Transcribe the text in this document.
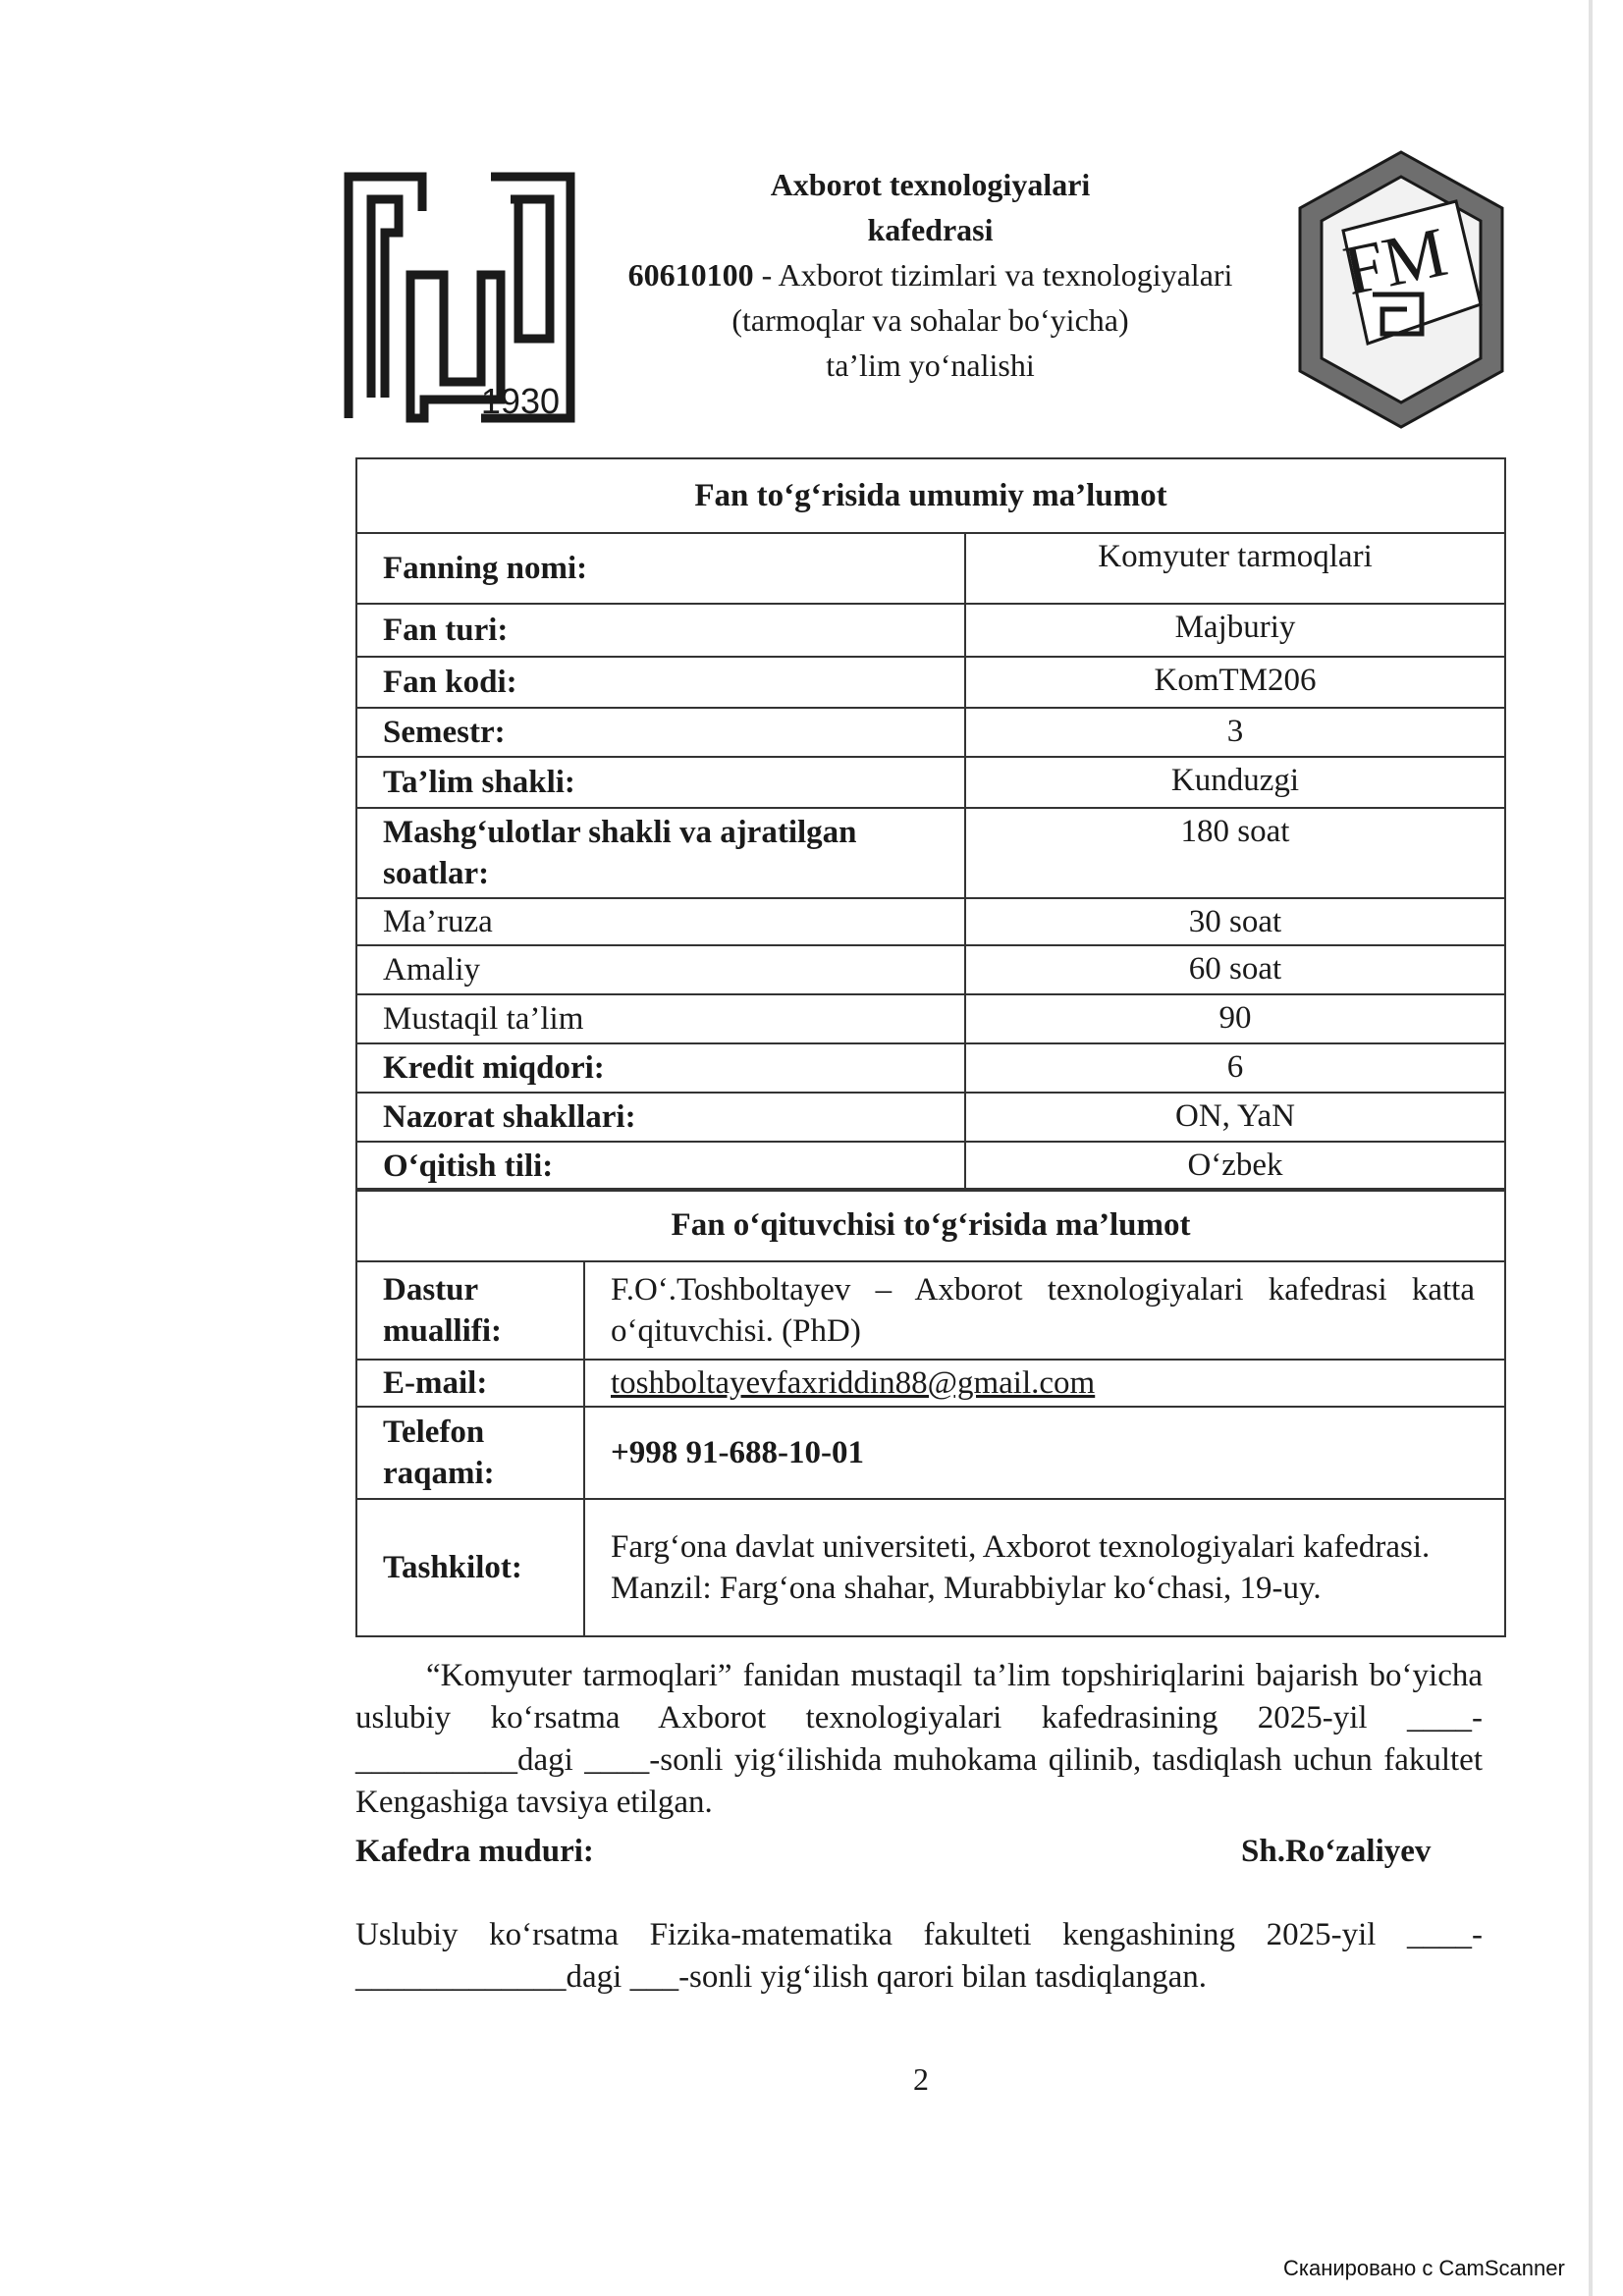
1930
Axborot texnologiyalari
kafedrasi
60610100 - Axborot tizimlari va texnologiyalari
(tarmoqlar va sohalar bo‘yicha)
ta’lim yo‘nalishi
FM
Fan to‘g‘risida umumiy ma’lumot	
Fanning nomi:	Komyuter tarmoqlari
Fan turi:	Majburiy
Fan kodi:	KomTM206
Semestr:	3
Ta’lim shakli:	Kunduzgi
Mashg‘ulotlar shakli va ajratilgan soatlar:	180 soat
Ma’ruza	30 soat
Amaliy	60 soat
Mustaqil ta’lim	90
Kredit miqdori:	6
Nazorat shakllari:	ON, YaN
O‘qitish tili:	O‘zbek
Fan o‘qituvchisi to‘g‘risida ma’lumot	
Dastur muallifi:	F.O‘.Toshboltayev – Axborot texnologiyalari kafedrasi katta o‘qituvchisi. (PhD)
E-mail:	toshboltayevfaxriddin88@gmail.com
Telefon raqami:	+998 91-688-10-01
Tashkilot:	Farg‘ona davlat universiteti, Axborot texnologiyalari kafedrasi.
Manzil: Farg‘ona shahar, Murabbiylar ko‘chasi, 19-uy.
“Komyuter tarmoqlari” fanidan mustaqil ta’lim topshiriqlarini bajarish bo‘yicha uslubiy ko‘rsatma Axborot texnologiyalari kafedrasining 2025-yil ____-__________dagi ____-sonli yig‘ilishida muhokama qilinib, tasdiqlash uchun fakultet Kengashiga tavsiya etilgan.
Kafedra muduri:	Sh.Ro‘zaliyev
Uslubiy ko‘rsatma Fizika-matematika fakulteti kengashining 2025-yil ____-_____________dagi ___-sonli yig‘ilish qarori bilan tasdiqlangan.
2
Сканировано с CamScanner
